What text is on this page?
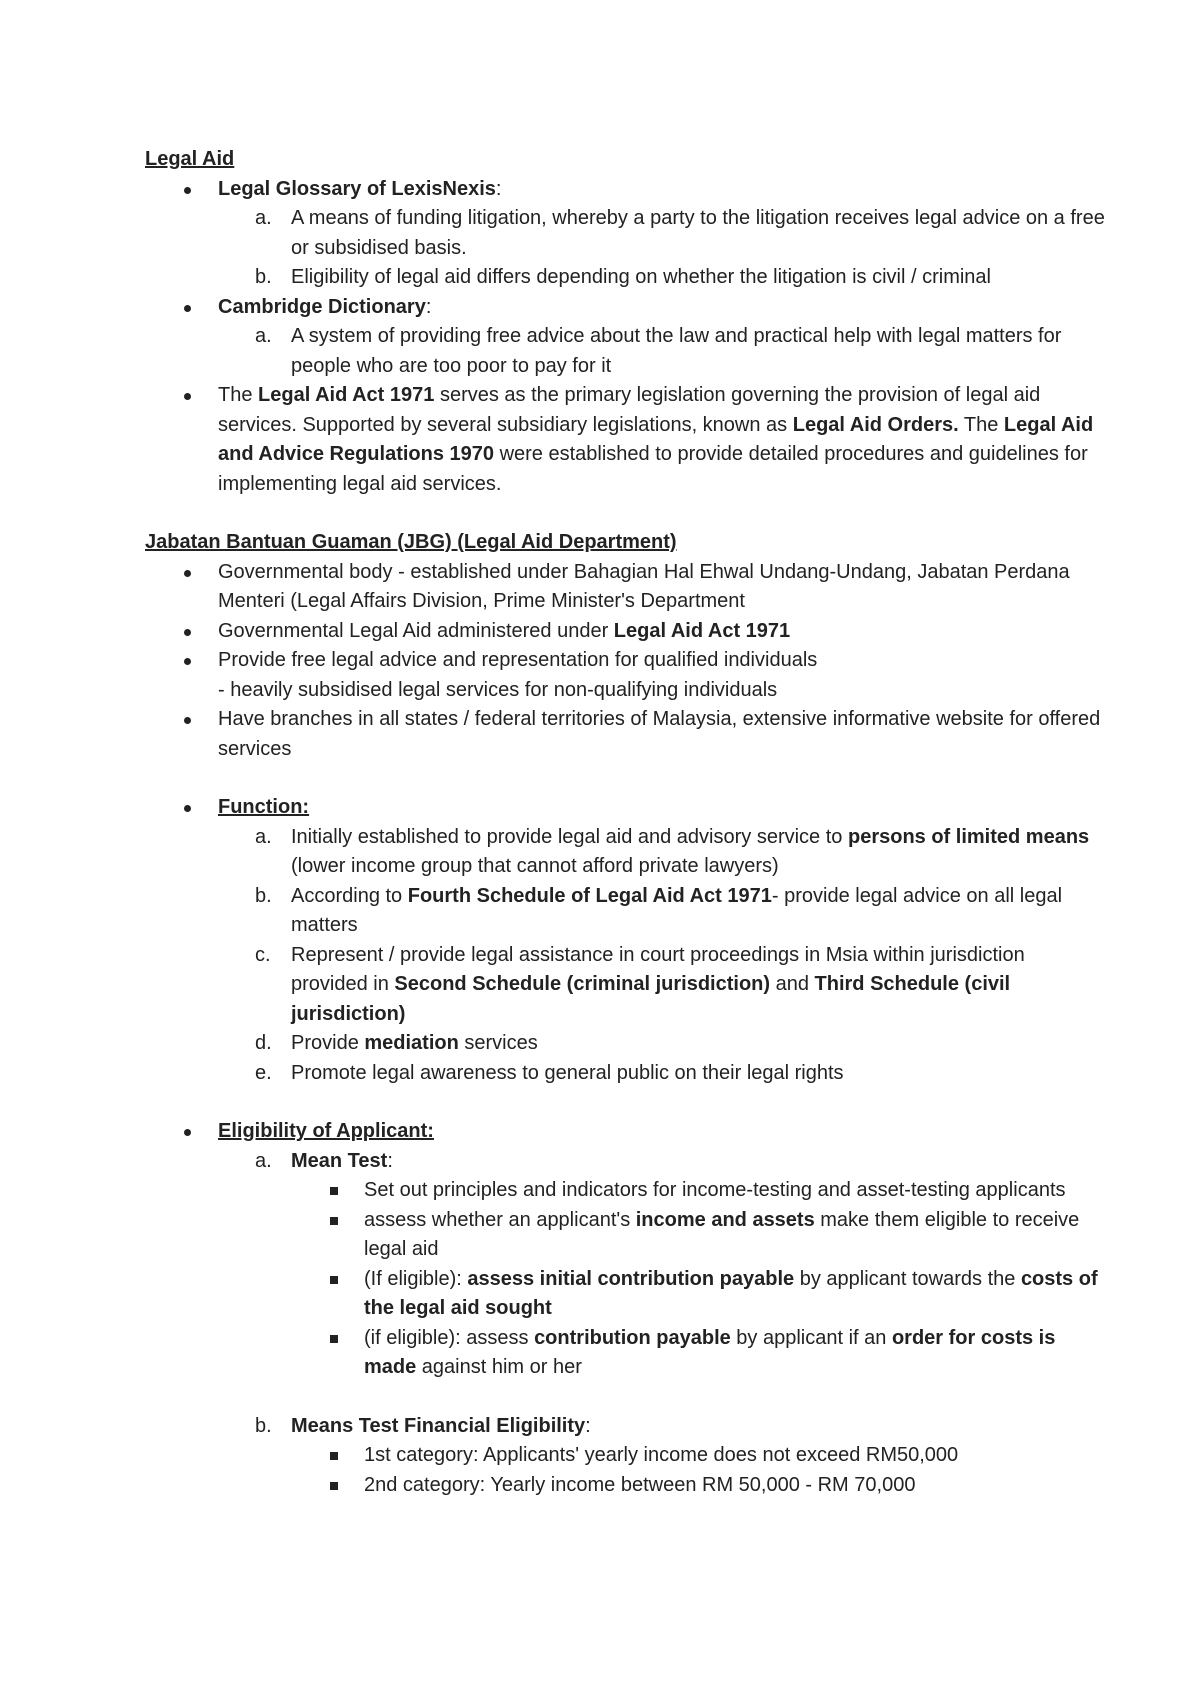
Legal Aid
Legal Glossary of LexisNexis:
a. A means of funding litigation, whereby a party to the litigation receives legal advice on a free or subsidised basis.
b. Eligibility of legal aid differs depending on whether the litigation is civil / criminal
Cambridge Dictionary:
a. A system of providing free advice about the law and practical help with legal matters for people who are too poor to pay for it
The Legal Aid Act 1971 serves as the primary legislation governing the provision of legal aid services. Supported by several subsidiary legislations, known as Legal Aid Orders. The Legal Aid and Advice Regulations 1970 were established to provide detailed procedures and guidelines for implementing legal aid services.
Jabatan Bantuan Guaman (JBG) (Legal Aid Department)
Governmental body - established under Bahagian Hal Ehwal Undang-Undang, Jabatan Perdana Menteri (Legal Affairs Division, Prime Minister's Department
Governmental Legal Aid administered under Legal Aid Act 1971
Provide free legal advice and representation for qualified individuals
- heavily subsidised legal services for non-qualifying individuals
Have branches in all states / federal territories of Malaysia, extensive informative website for offered services
Function:
a. Initially established to provide legal aid and advisory service to persons of limited means (lower income group that cannot afford private lawyers)
b. According to Fourth Schedule of Legal Aid Act 1971- provide legal advice on all legal matters
c. Represent / provide legal assistance in court proceedings in Msia within jurisdiction provided in Second Schedule (criminal jurisdiction) and Third Schedule (civil jurisdiction)
d. Provide mediation services
e. Promote legal awareness to general public on their legal rights
Eligibility of Applicant:
a. Mean Test:
Set out principles and indicators for income-testing and asset-testing applicants
assess whether an applicant's income and assets make them eligible to receive legal aid
(If eligible): assess initial contribution payable by applicant towards the costs of the legal aid sought
(if eligible): assess contribution payable by applicant if an order for costs is made against him or her
b. Means Test Financial Eligibility:
1st category: Applicants' yearly income does not exceed RM50,000
2nd category: Yearly income between RM 50,000 - RM 70,000
